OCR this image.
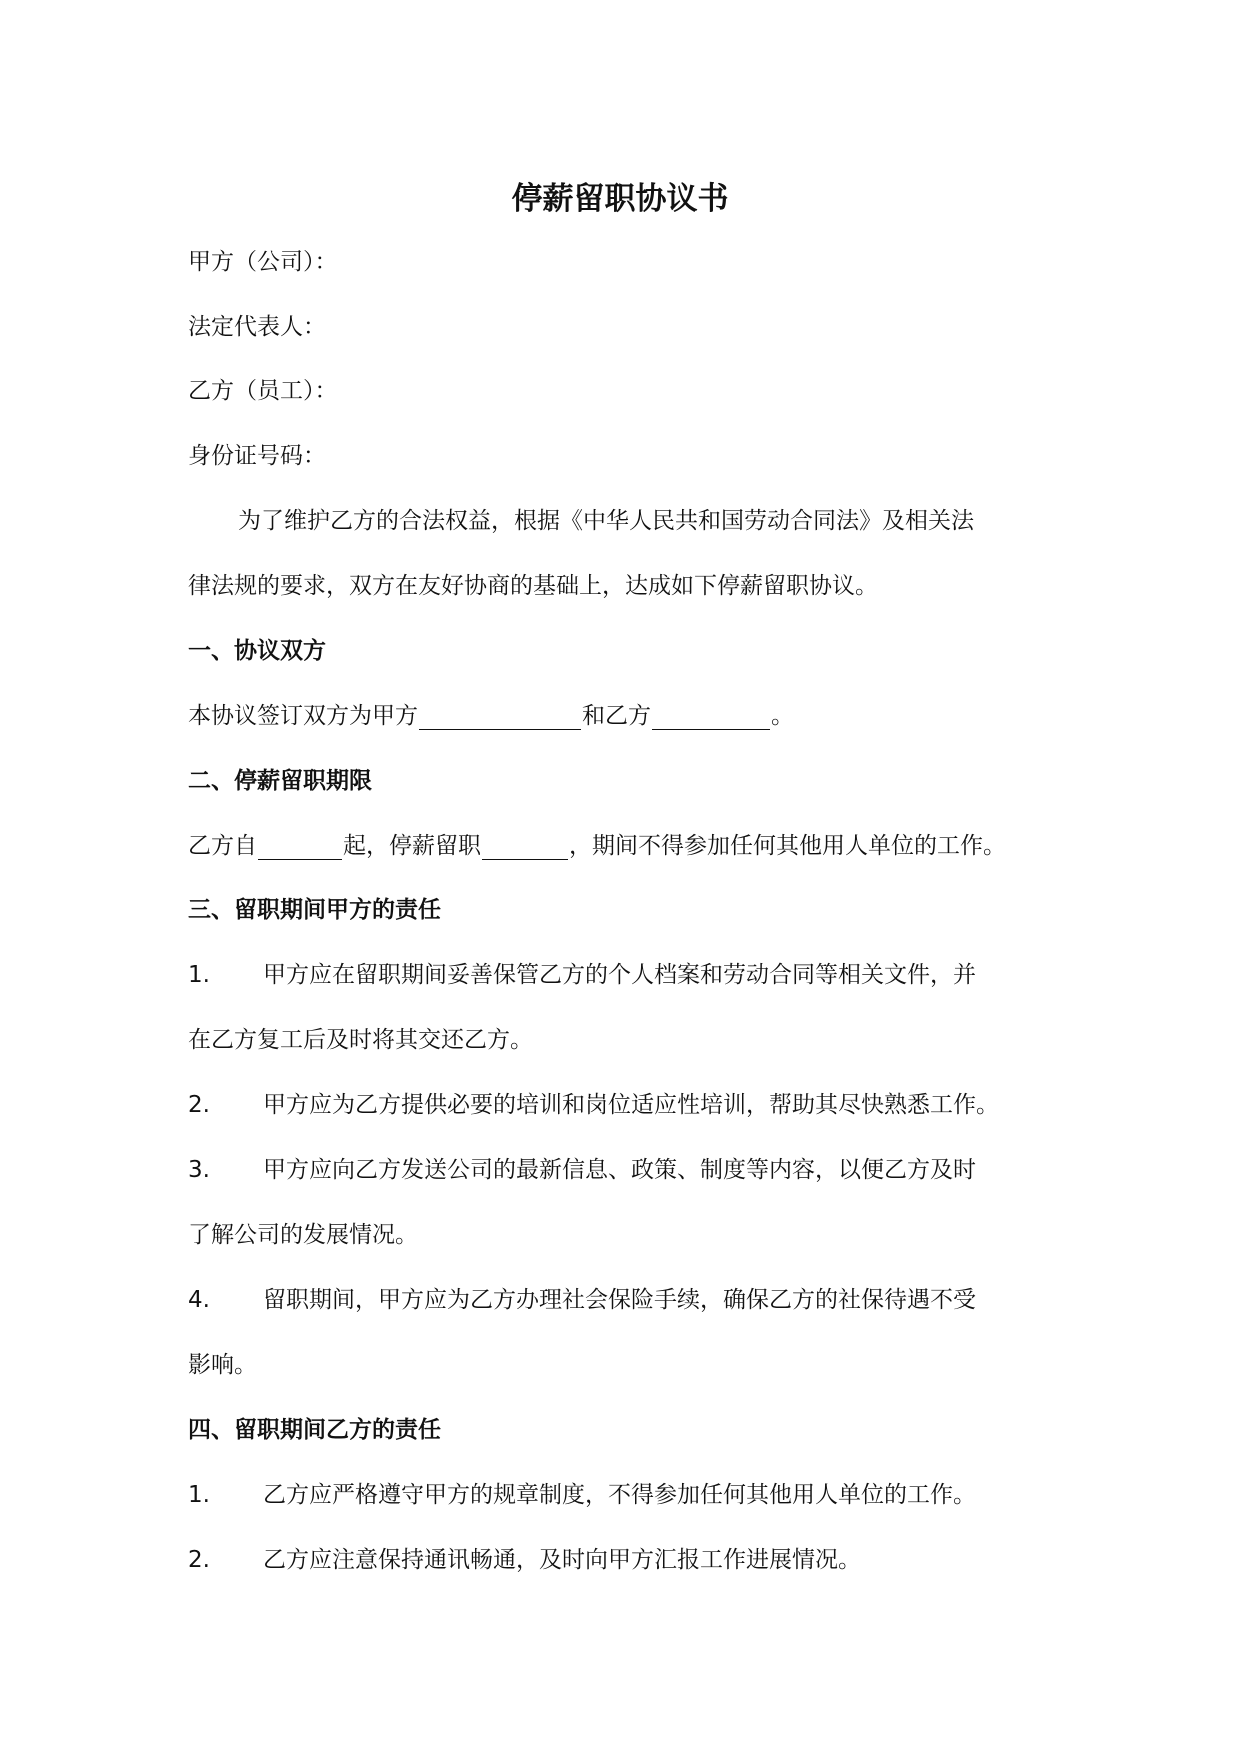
停薪留职协议书

甲方（公司）：

法定代表人：

乙方（员工）：

身份证号码：

为了维护乙方的合法权益，根据《中华人民共和国劳动合同法》及相关法

律法规的要求，双方在友好协商的基础上，达成如下停薪留职协议。

一、协议双方

本协议签订双方为甲方	和乙方	。

二、停薪留职期限

乙方自	起，停薪留职	，期间不得参加任何其他用人单位的工作。

三、留职期间甲方的责任

1. 甲方应在留职期间妥善保管乙方的个人档案和劳动合同等相关文件，并

在乙方复工后及时将其交还乙方。

2. 甲方应为乙方提供必要的培训和岗位适应性培训，帮助其尽快熟悉工作。
3. 甲方应向乙方发送公司的最新信息、政策、制度等内容，以便乙方及时

了解公司的发展情况。

4. 留职期间，甲方应为乙方办理社会保险手续，确保乙方的社保待遇不受

影响。

四、留职期间乙方的责任

1. 乙方应严格遵守甲方的规章制度，不得参加任何其他用人单位的工作。
2. 乙方应注意保持通讯畅通，及时向甲方汇报工作进展情况。
